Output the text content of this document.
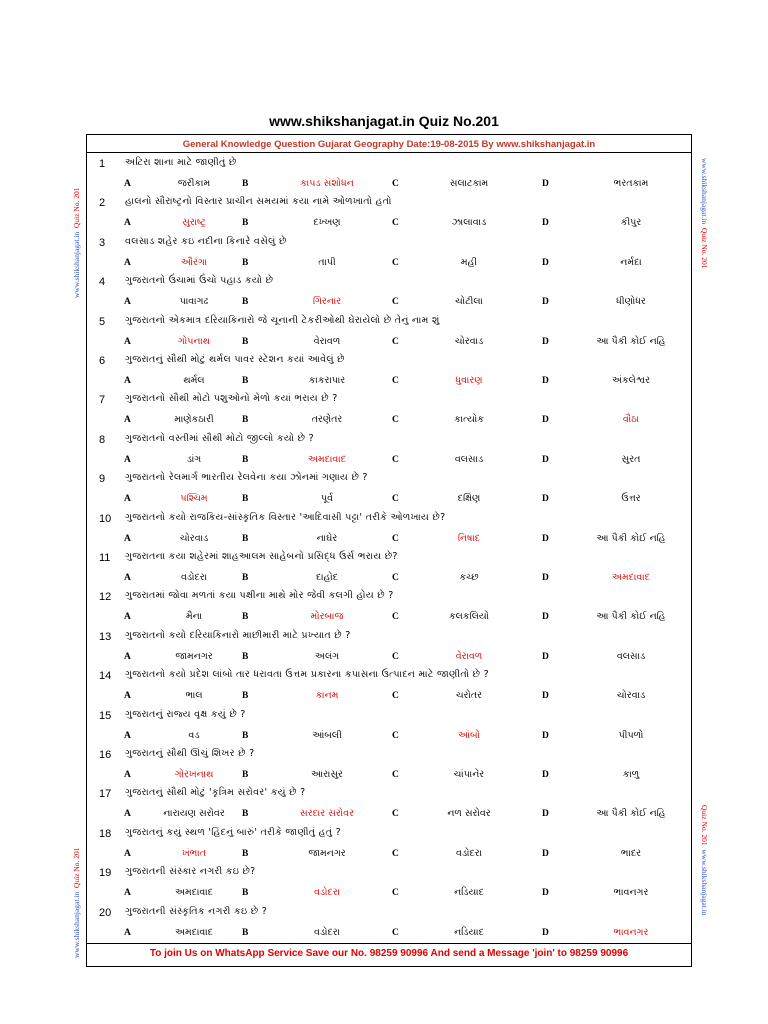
www.shikshanjagat.in Quiz No.201
www.shikshanjagat.in  Quiz No. 201
www.shikshanjagat.in  Quiz No. 201
www.shikshanjagat.in  Quiz No. 201
Quiz No. 201  www.shikshanjagat.in
General Knowledge Question Gujarat Geography Date:19-08-2015 By www.shikshanjagat.in
1 અટિરા શાના માટે જાણીતું છે
A	જરીકામ	B	કાપડ સંશોધન	C	સલાટકામ	D	ભરતકામ
2 હાલનો સૌરાષ્ટ્રનો વિસ્તાર પ્રાચીન સમયમાં કયા નામે ઓળખાતો હતો
A	સુરાષ્ટ્ર	B	દખ્ખણ	C	ઝાલાવાડ	D	કીપુર
3 વલસાડ શહેર કઇ નદીના કિનારે વસેલું છે
A	ઔરંગા	B	તાપી	C	મહી	D	નર્મદા
4 ગુજરાતનો ઉંચામાં ઉંચો પહાડ કયો છે
A	પાવાગઢ	B	ગિરનાર	C	ચોટીલા	D	ધીણોધર
5 ગુજરાતનો એકમાત્ર દરિયાકિનારો જે ચૂનાની ટેકરીઓથી ઘેરાયેલો છે તેનું નામ શું
A	ગોપનાથ	B	વેરાવળ	C	ચોરવાડ	D	આ પૈકી કોઈ નહિ
6 ગુજરાતનું સૌથી મોટું થર્મલ પાવર સ્ટેશન કયાં આવેલું છે
A	થર્મલ	B	કાકરાપાર	C	ધુવારણ	D	અંકલેશ્વર
7 ગુજરાતનો સૌથી મોટો પશુઓનો મેળો કયાં ભરાય છે ?
A	માણેકઠારી	B	તરણેતર	C	કાત્યોક	D	વૌઠા
8 ગુજરાતનો વસ્તીમાં સૌથી મોટો જીલ્લો કયો છે ?
A	ડાંગ	B	અમદાવાદ	C	વલસાડ	D	સુરત
9 ગુજરાતનો રેલમાર્ગ ભારતીય રેલવેના કયા ઝોનમાં ગણાય છે ?
A	પશ્ચિમ	B	પૂર્વ	C	દક્ષિણ	D	ઉત્તર
10 ગુજરાતનો કયો રાજકિય-સાંસ્કૃતિક વિસ્તાર 'આદિવાસી પટ્ટા' તરીકે ઓળખાય છે?
A	ચોરવાડ	B	નાઘેર	C	નિષાદ	D	આ પૈકી કોઈ નહિ
11 ગુજરાતના કયા શહેરમાં શાહઆલમ સાહેબનો પ્રસિદ્ધ ઉર્સ ભરાય છે?
A	વડોદરા	B	દાહોદ	C	કચ્છ	D	અમદાવાદ
12 ગુજરાતમાં જોવા મળતાં કયા પક્ષીના માથે મોર જેવી કલગી હોય છે ?
A	મૈના	B	મોરબાજ	C	કલકલિયો	D	આ પૈકી કોઈ નહિ
13 ગુજરાતનો કયો દરિયાકિનારો માછીમારી માટે પ્રખ્યાત છે ?
A	જામનગર	B	અલંગ	C	વેરાવળ	D	વલસાડ
14 ગુજરાતનો કયો પ્રદેશ લાંબો તાર ધરાવતા ઉત્તમ પ્રકારના કપાસના ઉત્પાદન માટે જાણીતો છે ?
A	ભાલ	B	કાનમ	C	ચરોતર	D	ચોરવાડ
15 ગુજરાતનું રાજ્ય વૃક્ષ કયું છે ?
A	વડ	B	આંબલી	C	આંબો	D	પીપળો
16 ગુજરાતનું સૌથી ઊંચું શિખર છે ?
A	ગોરખનાથ	B	આરાસુર	C	ચાંપાનેર	D	કાળુ
17 ગુજરાતનું સૌથી મોટું 'કૃત્રિમ સરોવર' કયું છે ?
A	નારાયણ સરોવર B	સરદાર સરોવર	C	નળ સરોવર	D	આ પૈકી કોઈ નહિ
18 ગુજરાતનું કયું સ્થળ 'હિંદનું બારું' તરીકે જાણીતું હતું ?
A	ખંભાત	B	જામનગર	C	વડોદરા	D	ભાદર
19 ગુજરાતની સંસ્કાર નગરી કઇ છે?
A	અમદાવાદ	B	વડોદરા	C	નડિયાદ	D	ભાવનગર
20 ગુજરાતની સંસ્કૃતિક નગરી કઇ છે ?
A	અમદાવાદ	B	વડોદરા	C	નડિયાદ	D	ભાવનગર
To join Us on WhatsApp Service Save our No. 98259 90996 And send a Message 'join' to 98259 90996
